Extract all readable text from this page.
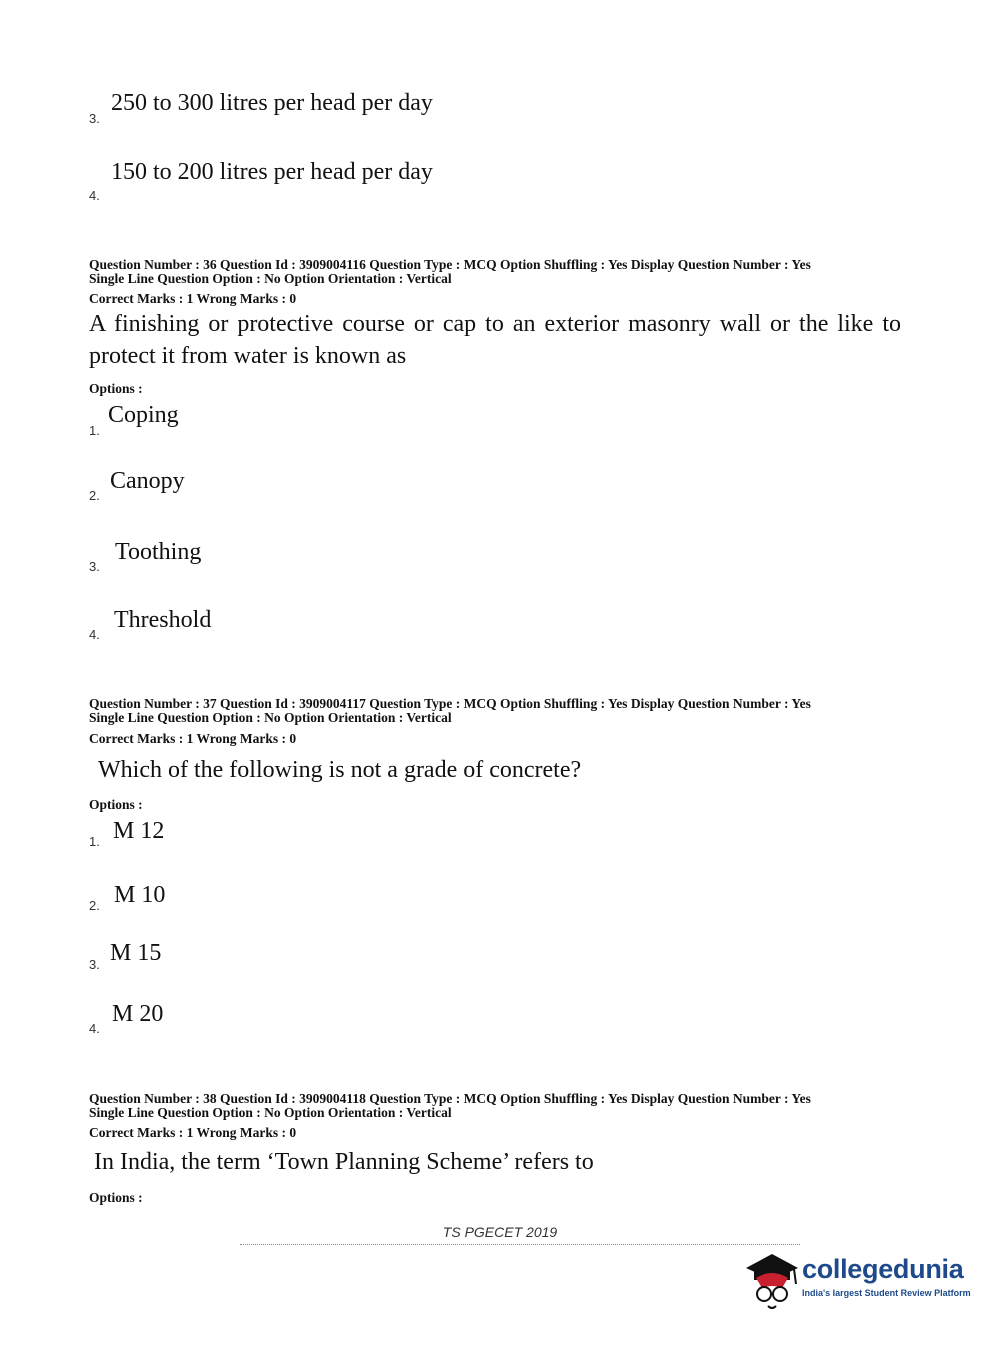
3.
250 to 300 litres per head per day
4.
150 to 200 litres per head per day
Question Number : 36 Question Id : 3909004116 Question Type : MCQ Option Shuffling : Yes Display Question Number : Yes
Single Line Question Option : No Option Orientation : Vertical
Correct Marks : 1 Wrong Marks : 0
A finishing or protective course or cap to an exterior masonry wall or the like to protect it from water is known as
Options :
1.
Coping
2.
Canopy
3.
Toothing
4.
Threshold
Question Number : 37 Question Id : 3909004117 Question Type : MCQ Option Shuffling : Yes Display Question Number : Yes
Single Line Question Option : No Option Orientation : Vertical
Correct Marks : 1 Wrong Marks : 0
Which of the following is not a grade of concrete?
Options :
1. M 12
2. M 10
3. M 15
4.
M 20
Question Number : 38 Question Id : 3909004118 Question Type : MCQ Option Shuffling : Yes Display Question Number : Yes
Single Line Question Option : No Option Orientation : Vertical
Correct Marks : 1 Wrong Marks : 0
In India, the term ‘Town Planning Scheme’ refers to
Options :
TS PGECET 2019
collegedunia
India's largest Student Review Platform
